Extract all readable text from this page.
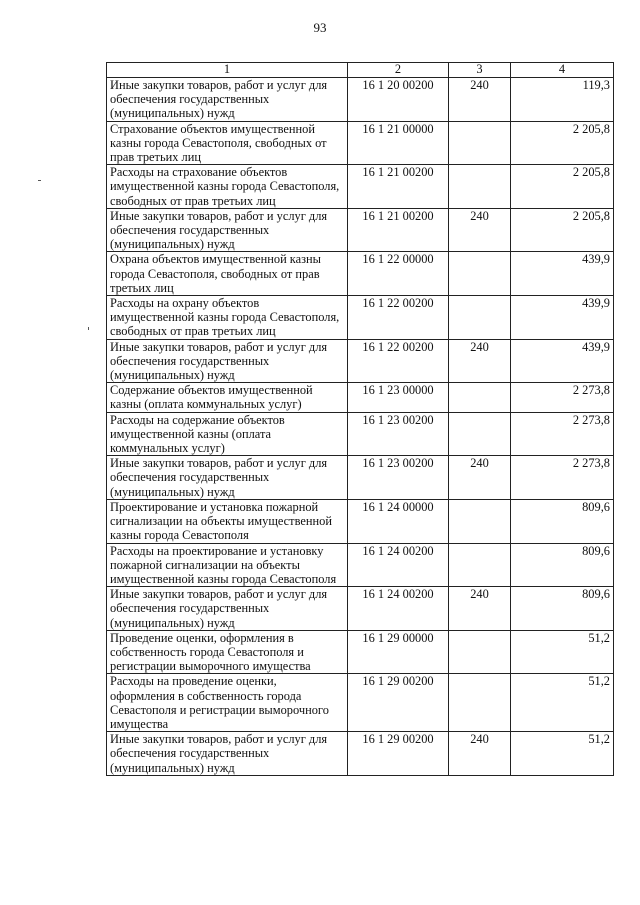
93
1	2	3	4
Иные закупки товаров, работ и услуг для обеспечения государственных (муниципальных) нужд	16 1 20 00200	240	119,3
Страхование объектов имущественной казны города Севастополя, свободных от прав третьих лиц	16 1 21 00000		2 205,8
Расходы на страхование объектов имущественной казны города Севастополя, свободных от прав третьих лиц	16 1 21 00200		2 205,8
Иные закупки товаров, работ и услуг для обеспечения государственных (муниципальных) нужд	16 1 21 00200	240	2 205,8
Охрана объектов имущественной казны города Севастополя, свободных от прав третьих лиц	16 1 22 00000		439,9
Расходы на охрану объектов имущественной казны города Севастополя, свободных от прав третьих лиц	16 1 22 00200		439,9
Иные закупки товаров, работ и услуг для обеспечения государственных (муниципальных) нужд	16 1 22 00200	240	439,9
Содержание объектов имущественной казны (оплата коммунальных услуг)	16 1 23 00000		2 273,8
Расходы на содержание объектов имущественной казны (оплата коммунальных услуг)	16 1 23 00200		2 273,8
Иные закупки товаров, работ и услуг для обеспечения государственных (муниципальных) нужд	16 1 23 00200	240	2 273,8
Проектирование и установка пожарной сигнализации на объекты имущественной казны города Севастополя	16 1 24 00000		809,6
Расходы на проектирование и установку пожарной сигнализации на объекты имущественной казны города Севастополя	16 1 24 00200		809,6
Иные закупки товаров, работ и услуг для обеспечения государственных (муниципальных) нужд	16 1 24 00200	240	809,6
Проведение оценки, оформления в собственность города Севастополя и регистрации выморочного имущества	16 1 29 00000		51,2
Расходы на проведение оценки, оформления в собственность города Севастополя и регистрации выморочного имущества	16 1 29 00200		51,2
Иные закупки товаров, работ и услуг для обеспечения государственных (муниципальных) нужд	16 1 29 00200	240	51,2
